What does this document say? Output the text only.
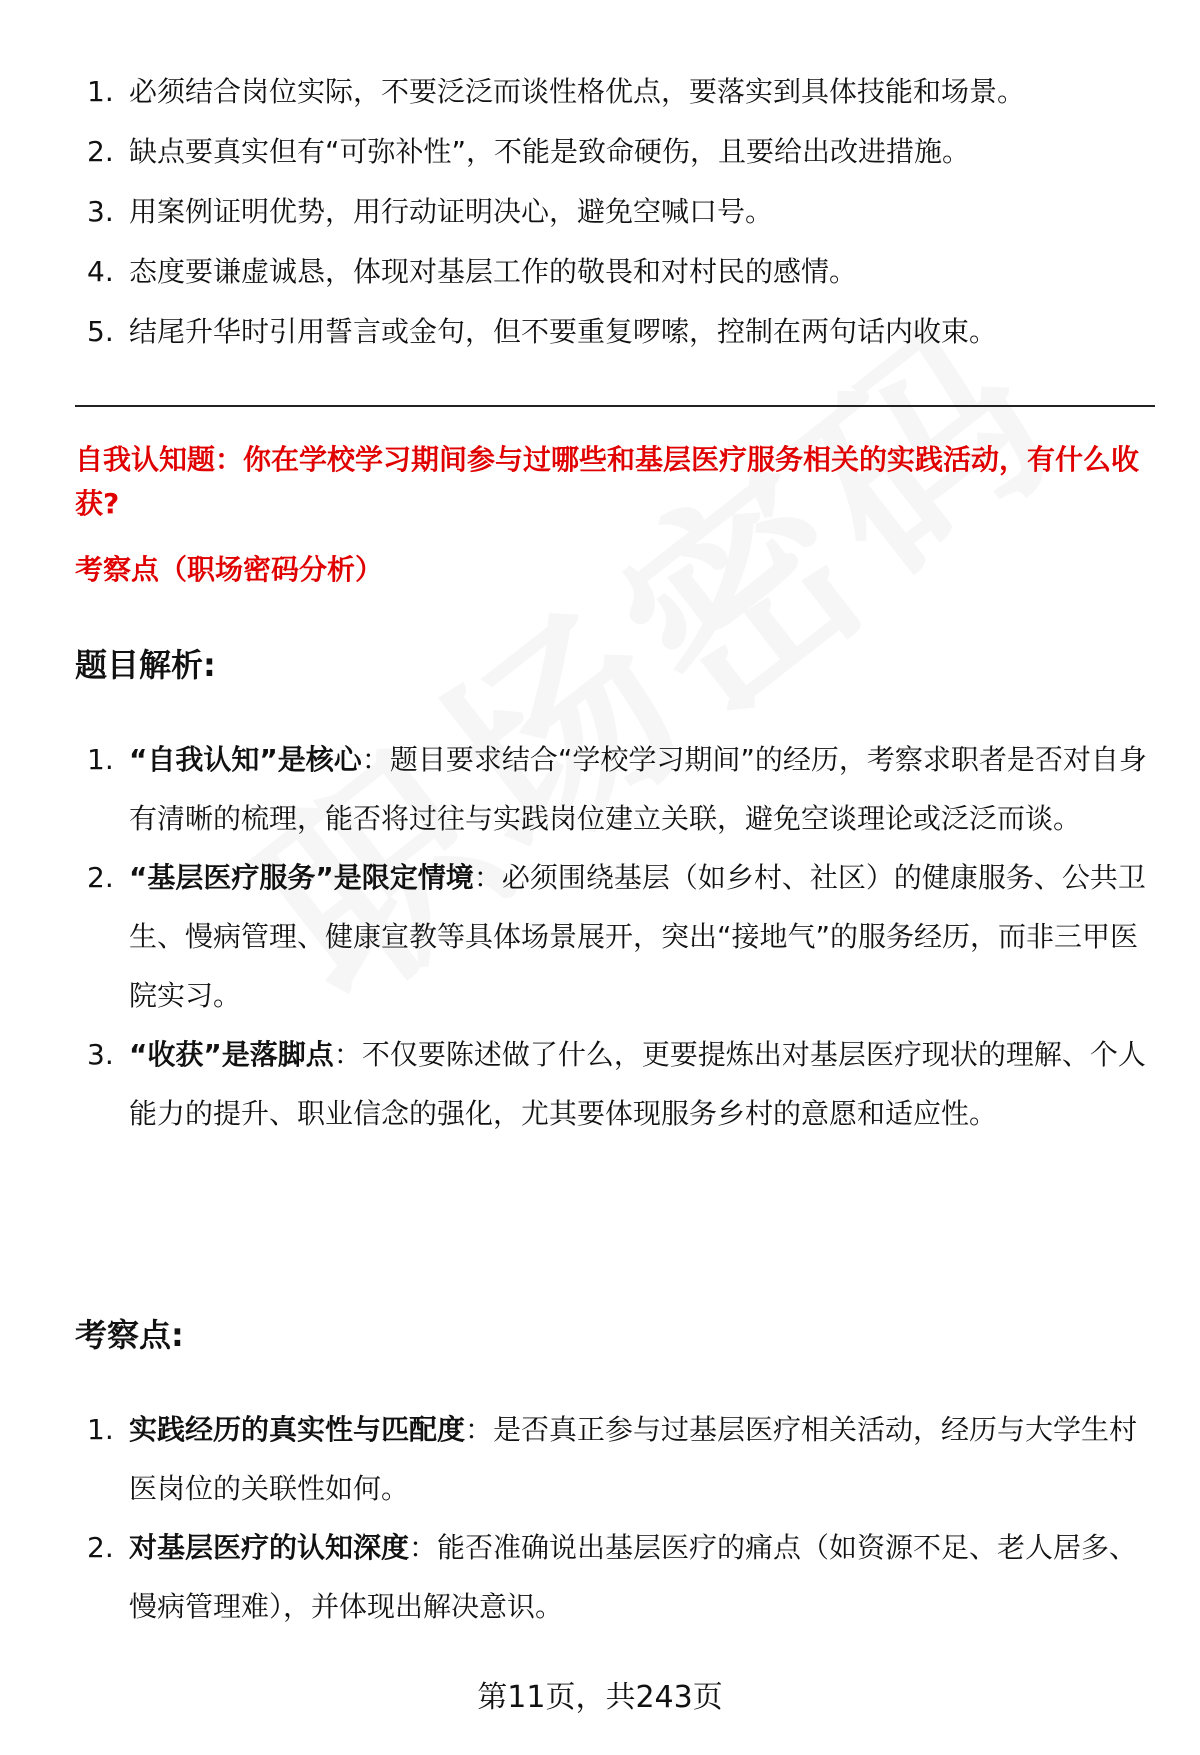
1. 必须结合岗位实际，不要泛泛而谈性格优点，要落实到具体技能和场景。
2. 缺点要真实但有“可弥补性”，不能是致命硬伤，且要给出改进措施。
3. 用案例证明优势，用行动证明决心，避免空喊口号。
4. 态度要谦虚诚恳，体现对基层工作的敬畏和对村民的感情。
5. 结尾升华时引用誓言或金句，但不要重复啰嗦，控制在两句话内收束。

自我认知题：你在学校学习期间参与过哪些和基层医疗服务相关的实践活动，有什么收获?

考察点（职场密码分析）

题目解析:
1. “自我认知”是核心：题目要求结合“学校学习期间”的经历，考察求职者是否对自身有清晰的梳理，能否将过往与实践岗位建立关联，避免空谈理论或泛泛而谈。
2. “基层医疗服务”是限定情境：必须围绕基层（如乡村、社区）的健康服务、公共卫生、慢病管理、健康宣教等具体场景展开，突出“接地气”的服务经历，而非三甲医院实习。
3. “收获”是落脚点：不仅要陈述做了什么，更要提炼出对基层医疗现状的理解、个人能力的提升、职业信念的强化，尤其要体现服务乡村的意愿和适应性。
考察点:
1. 实践经历的真实性与匹配度：是否真正参与过基层医疗相关活动，经历与大学生村医岗位的关联性如何。
2. 对基层医疗的认知深度：能否准确说出基层医疗的痛点（如资源不足、老人居多、慢病管理难），并体现出解决意识。
第11页，共243页
